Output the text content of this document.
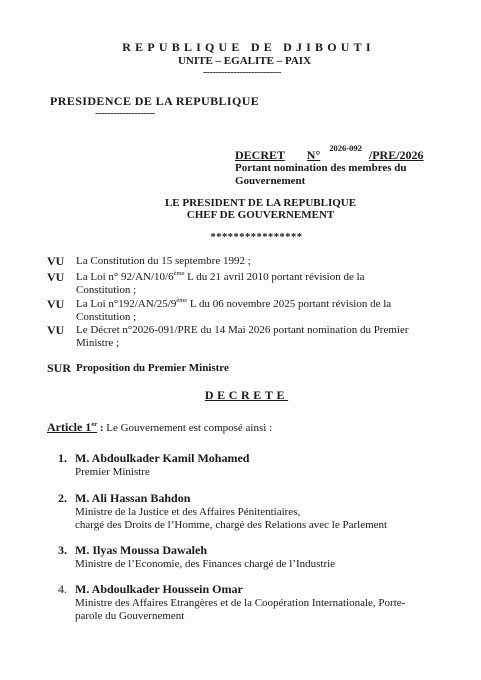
REPUBLIQUE DE DJIBOUTI
UNITE – EGALITE – PAIX
--------------------------
PRESIDENCE DE LA REPUBLIQUE
--------------------
DECRET N° $^{2026-092}$ /PRE/2026
Portant nomination des membres du
Gouvernement
LE PRESIDENT DE LA REPUBLIQUE
CHEF DE GOUVERNEMENT
****************
VU La Constitution du 15 septembre 1992 ;
VU La Loi n° 92/AN/10/6ème L du 21 avril 2010 portant révision de la
Constitution ;
VU La Loi n°192/AN/25/9ème L du 06 novembre 2025 portant révision de la
Constitution ;
VU Le Décret n°2026-091/PRE du 14 Mai 2026 portant nomination du Premier
Ministre ;
SUR Proposition du Premier Ministre
DECRETE
Article 1er : Le Gouvernement est composé ainsi :
1. M. Abdoulkader Kamil Mohamed
Premier Ministre
2. M. Ali Hassan Bahdon
Ministre de la Justice et des Affaires Pénitentiaires,
chargé des Droits de l’Homme, chargé des Relations avec le Parlement
3. M. Ilyas Moussa Dawaleh
Ministre de l’Economie, des Finances chargé de l’Industrie
4. M. Abdoulkader Houssein Omar
Ministre des Affaires Etrangères et de la Coopération Internationale, Porte-
parole du Gouvernement
